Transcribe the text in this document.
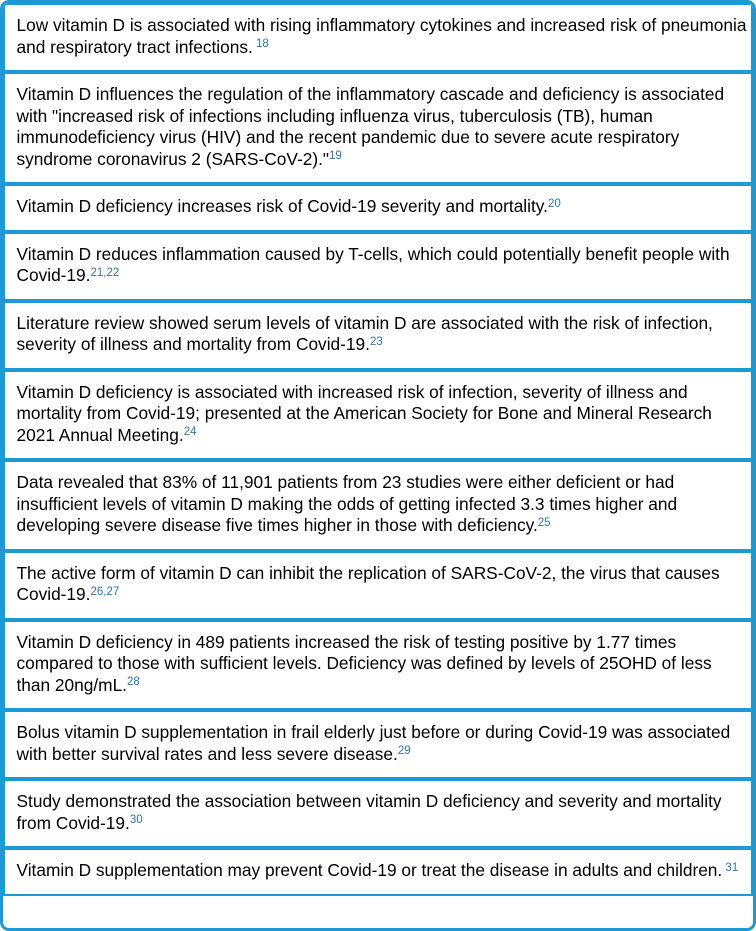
Low vitamin D is associated with rising inflammatory cytokines and increased risk of pneumonia and respiratory tract infections. $^{18}$

Vitamin D influences the regulation of the inflammatory cascade and deficiency is associated with "increased risk of infections including influenza virus, tuberculosis (TB), human immunodeficiency virus (HIV) and the recent pandemic due to severe acute respiratory syndrome coronavirus 2 (SARS-CoV-2)."$^{19}$

Vitamin D deficiency increases risk of Covid-19 severity and mortality.$^{20}$

Vitamin D reduces inflammation caused by T-cells, which could potentially benefit people with Covid-19.$^{21,22}$

Literature review showed serum levels of vitamin D are associated with the risk of infection, severity of illness and mortality from Covid-19.23

Vitamin D deficiency is associated with increased risk of infection, severity of illness and mortality from Covid-19; presented at the American Society for Bone and Mineral Research 2021 Annual Meeting.$^{24}$

Data revealed that 83% of 11,901 patients from 23 studies were either deficient or had insufficient levels of vitamin D making the odds of getting infected 3.3 times higher and developing severe disease five times higher in those with deficiency.$^{25}$

The active form of vitamin D can inhibit the replication of SARS-CoV-2, the virus that causes Covid-19.$^{26,27}$

Vitamin D deficiency in 489 patients increased the risk of testing positive by 1.77 times compared to those with sufficient levels. Deficiency was defined by levels of 25OHD of less than 20ng/mL.$^{28}$

Bolus vitamin D supplementation in frail elderly just before or during Covid-19 was associated with better survival rates and less severe disease.$^{29}$

Study demonstrated the association between vitamin D deficiency and severity and mortality from Covid-19.30

Vitamin D supplementation may prevent Covid-19 or treat the disease in adults and children. $^{31}$
